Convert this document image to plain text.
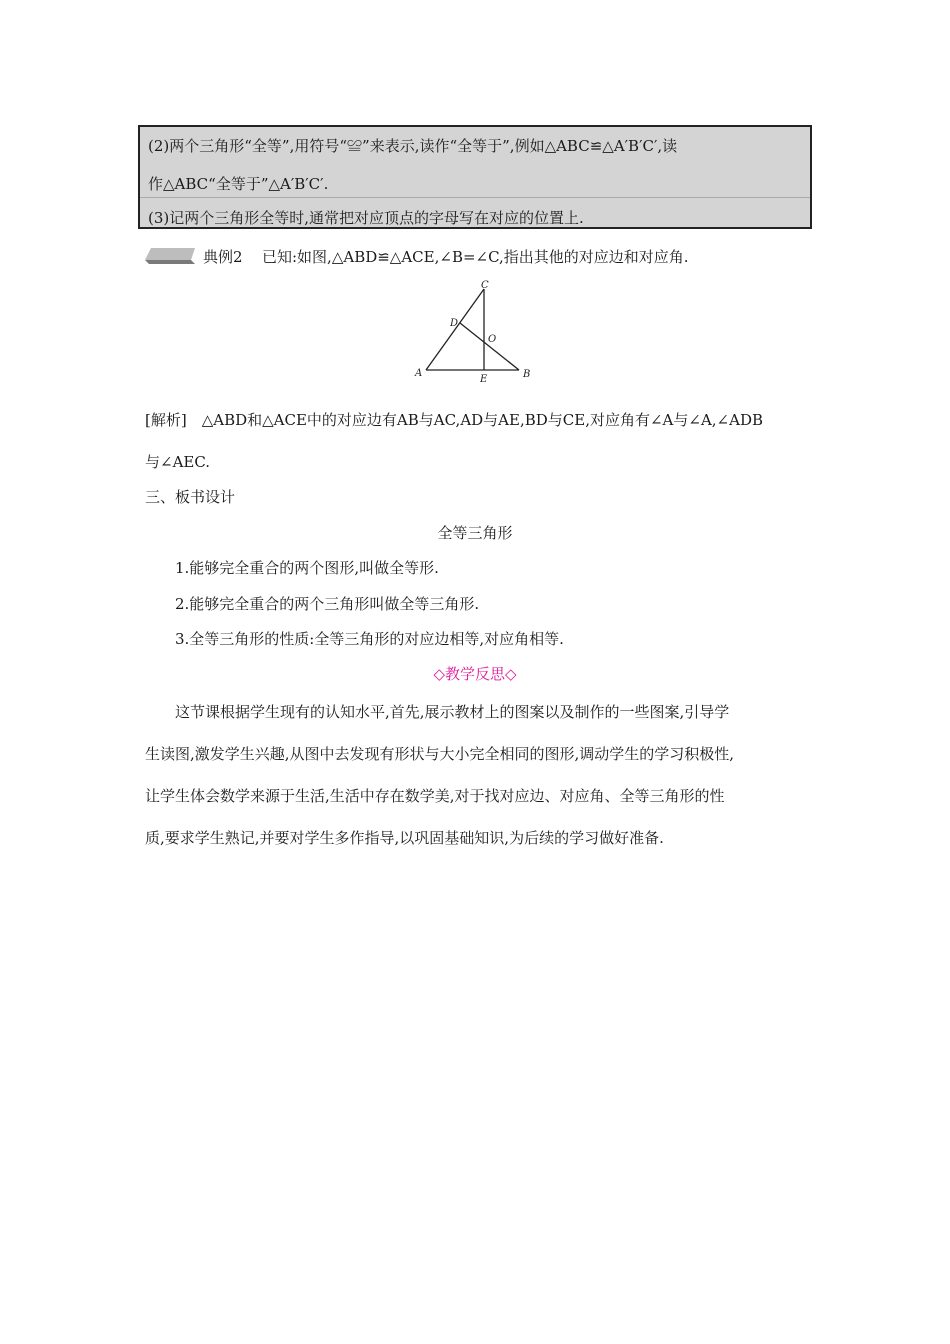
(2)两个三角形“全等”,用符号“≌”来表示,读作“全等于”,例如△ABC≌△A′B′C′,读
作△ABC“全等于”△A′B′C′.
(3)记两个三角形全等时,通常把对应顶点的字母写在对应的位置上.
典例2 已知:如图,△ABD≌△ACE,∠B=∠C,指出其他的对应边和对应角.
A	B
C
D
E
O
[解析]　△ABD和△ACE中的对应边有AB与AC,AD与AE,BD与CE,对应角有∠A与∠A,∠ADB
与∠AEC.
三、板书设计
全等三角形
1.能够完全重合的两个图形,叫做全等形.
2.能够完全重合的两个三角形叫做全等三角形.
3.全等三角形的性质:全等三角形的对应边相等,对应角相等.
◇教学反思◇
这节课根据学生现有的认知水平,首先,展示教材上的图案以及制作的一些图案,引导学
生读图,激发学生兴趣,从图中去发现有形状与大小完全相同的图形,调动学生的学习积极性,
让学生体会数学来源于生活,生活中存在数学美,对于找对应边、对应角、全等三角形的性
质,要求学生熟记,并要对学生多作指导,以巩固基础知识,为后续的学习做好准备.
